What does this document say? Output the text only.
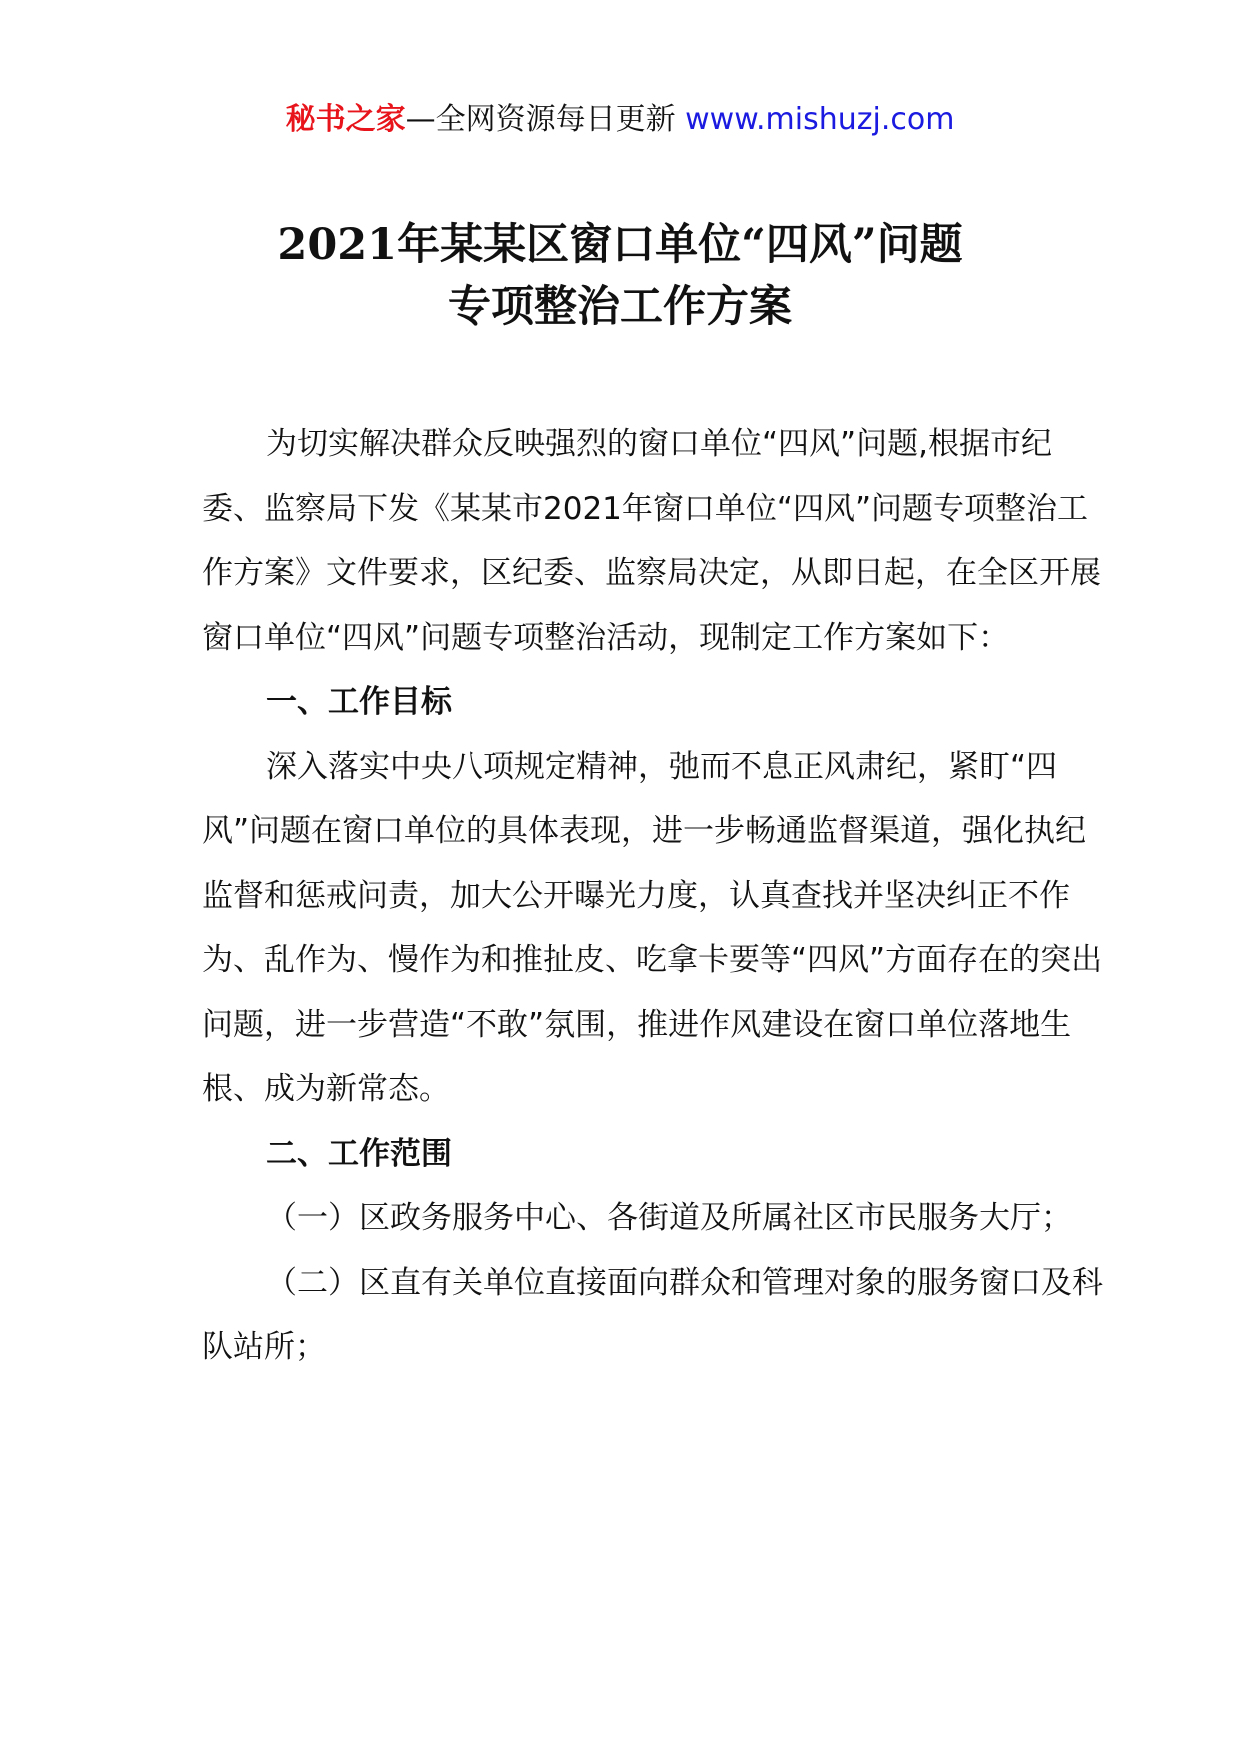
秘书之家—全网资源每日更新 www.mishuzj.com
2021年某某区窗口单位“四风”问题
专项整治工作方案

为切实解决群众反映强烈的窗口单位“四风”问题,根据市纪委、监察局下发《某某市2021年窗口单位“四风”问题专项整治工作方案》文件要求，区纪委、监察局决定，从即日起，在全区开展窗口单位“四风”问题专项整治活动，现制定工作方案如下：

一、工作目标

深入落实中央八项规定精神，弛而不息正风肃纪，紧盯“四风”问题在窗口单位的具体表现，进一步畅通监督渠道，强化执纪监督和惩戒问责，加大公开曝光力度，认真查找并坚决纠正不作为、乱作为、慢作为和推扯皮、吃拿卡要等“四风”方面存在的突出问题，进一步营造“不敢”氛围，推进作风建设在窗口单位落地生根、成为新常态。

二、工作范围

（一）区政务服务中心、各街道及所属社区市民服务大厅；

（二）区直有关单位直接面向群众和管理对象的服务窗口及科队站所；
